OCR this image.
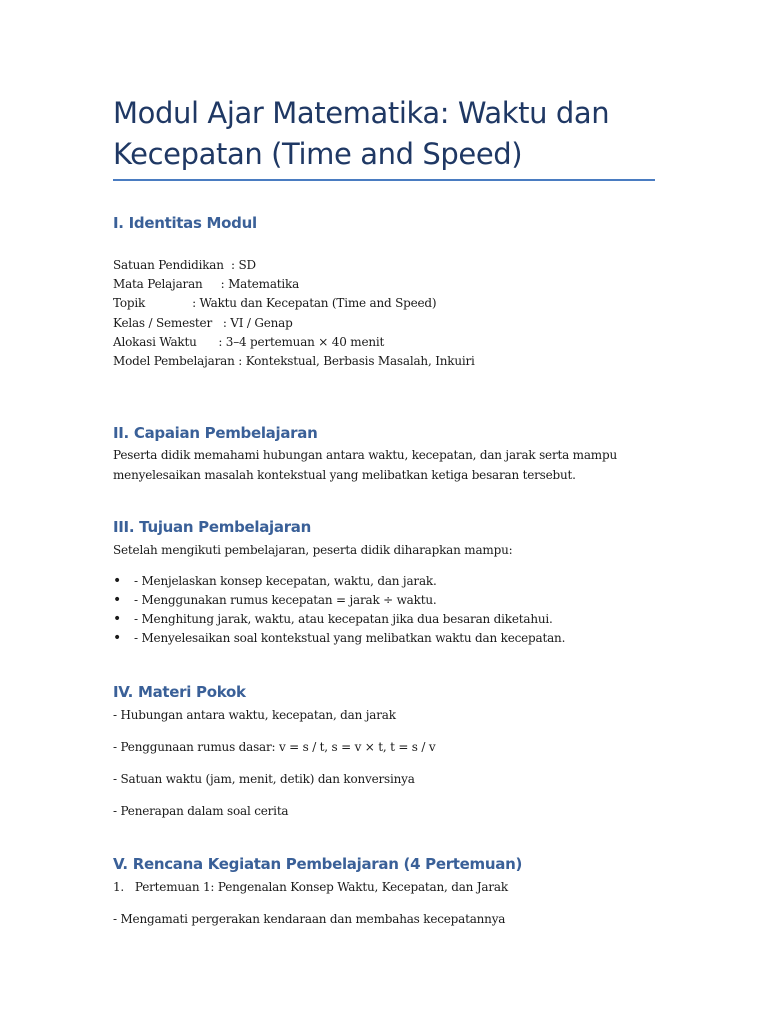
Modul Ajar Matematika: Waktu dan Kecepatan (Time and Speed)
I. Identitas Modul

Satuan Pendidikan  : SD

Mata Pelajaran     : Matematika

Topik             : Waktu dan Kecepatan (Time and Speed)

Kelas / Semester   : VI / Genap

Alokasi Waktu      : 3–4 pertemuan × 40 menit

Model Pembelajaran : Kontekstual, Berbasis Masalah, Inkuiri

II. Capaian Pembelajaran

Peserta didik memahami hubungan antara waktu, kecepatan, dan jarak serta mampu

menyelesaikan masalah kontekstual yang melibatkan ketiga besaran tersebut.

III. Tujuan Pembelajaran

Setelah mengikuti pembelajaran, peserta didik diharapkan mampu:

• - Menjelaskan konsep kecepatan, waktu, dan jarak.
• - Menggunakan rumus kecepatan = jarak ÷ waktu.
• - Menghitung jarak, waktu, atau kecepatan jika dua besaran diketahui.
• - Menyelesaikan soal kontekstual yang melibatkan waktu dan kecepatan.
IV. Materi Pokok

- Hubungan antara waktu, kecepatan, dan jarak

- Penggunaan rumus dasar: v = s / t, s = v × t, t = s / v

- Satuan waktu (jam, menit, detik) dan konversinya

- Penerapan dalam soal cerita

V. Rencana Kegiatan Pembelajaran (4 Pertemuan)

1.   Pertemuan 1: Pengenalan Konsep Waktu, Kecepatan, dan Jarak

- Mengamati pergerakan kendaraan dan membahas kecepatannya
